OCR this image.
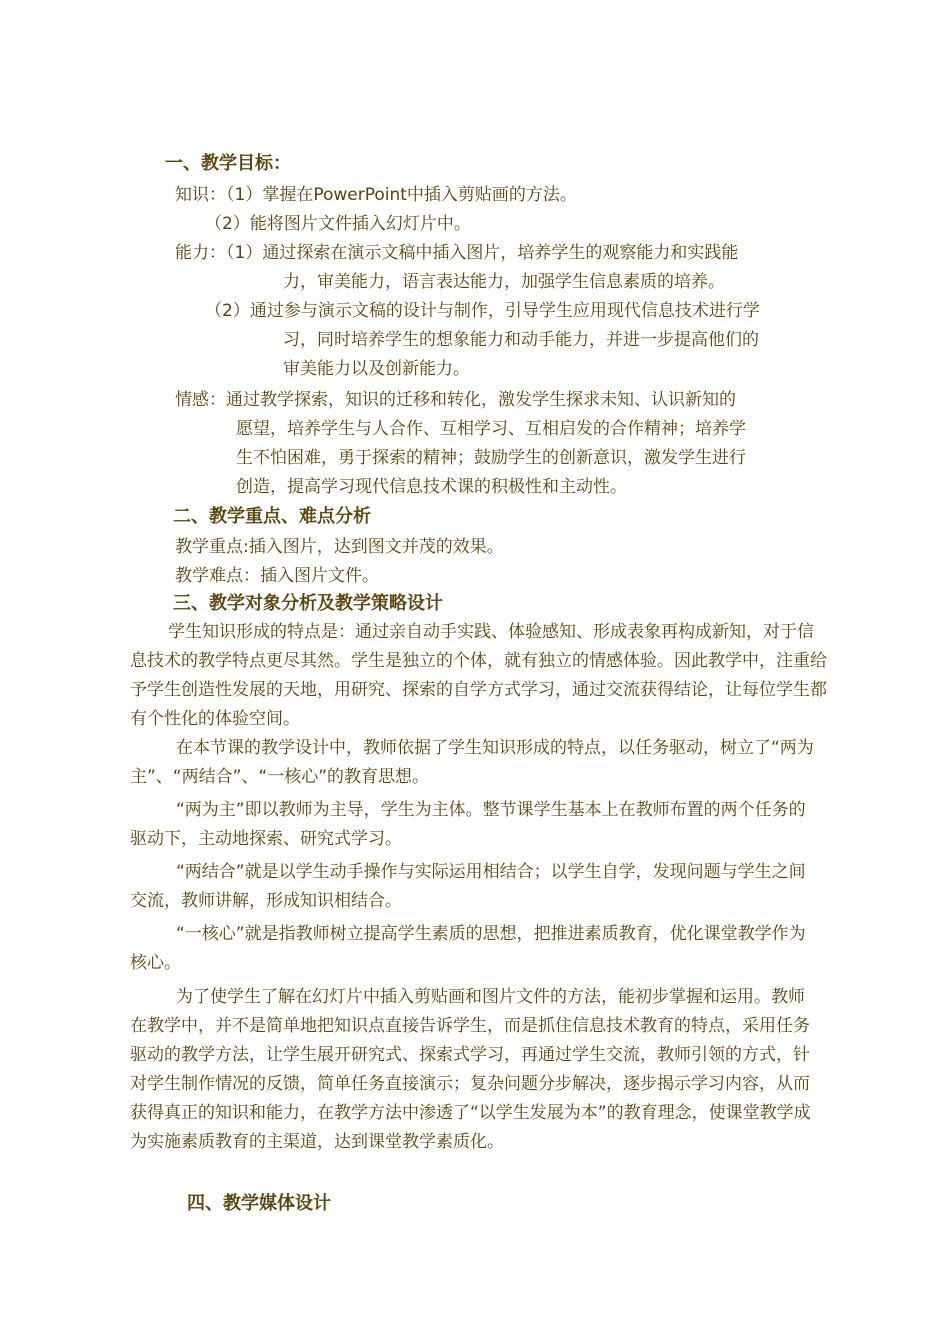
一、教学目标：
知识：（1）掌握在PowerPoint中插入剪贴画的方法。
（2）能将图片文件插入幻灯片中。
能力：（1）通过探索在演示文稿中插入图片，培养学生的观察能力和实践能
力，审美能力，语言表达能力，加强学生信息素质的培养。
（2）通过参与演示文稿的设计与制作，引导学生应用现代信息技术进行学
习，同时培养学生的想象能力和动手能力，并进一步提高他们的
审美能力以及创新能力。
情感：通过教学探索，知识的迁移和转化，激发学生探求未知、认识新知的
愿望，培养学生与人合作、互相学习、互相启发的合作精神；培养学
生不怕困难，勇于探索的精神；鼓励学生的创新意识，激发学生进行
创造，提高学习现代信息技术课的积极性和主动性。
二、教学重点、难点分析
教学重点:插入图片，达到图文并茂的效果。
教学难点：插入图片文件。
三、教学对象分析及教学策略设计
学生知识形成的特点是：通过亲自动手实践、体验感知、形成表象再构成新知，对于信息技术的教学特点更尽其然。学生是独立的个体，就有独立的情感体验。因此教学中，注重给予学生创造性发展的天地，用研究、探索的自学方式学习，通过交流获得结论，让每位学生都有个性化的体验空间。
在本节课的教学设计中，教师依据了学生知识形成的特点，以任务驱动，树立了“两为主”、“两结合”、“一核心”的教育思想。
“两为主”即以教师为主导，学生为主体。整节课学生基本上在教师布置的两个任务的驱动下，主动地探索、研究式学习。
“两结合”就是以学生动手操作与实际运用相结合；以学生自学，发现问题与学生之间交流，教师讲解，形成知识相结合。
“一核心”就是指教师树立提高学生素质的思想，把推进素质教育，优化课堂教学作为核心。
为了使学生了解在幻灯片中插入剪贴画和图片文件的方法，能初步掌握和运用。教师在教学中，并不是简单地把知识点直接告诉学生，而是抓住信息技术教育的特点，采用任务驱动的教学方法，让学生展开研究式、探索式学习，再通过学生交流，教师引领的方式，针对学生制作情况的反馈，简单任务直接演示；复杂问题分步解决，逐步揭示学习内容，从而获得真正的知识和能力，在教学方法中渗透了“以学生发展为本”的教育理念，使课堂教学成为实施素质教育的主渠道，达到课堂教学素质化。
四、教学媒体设计
